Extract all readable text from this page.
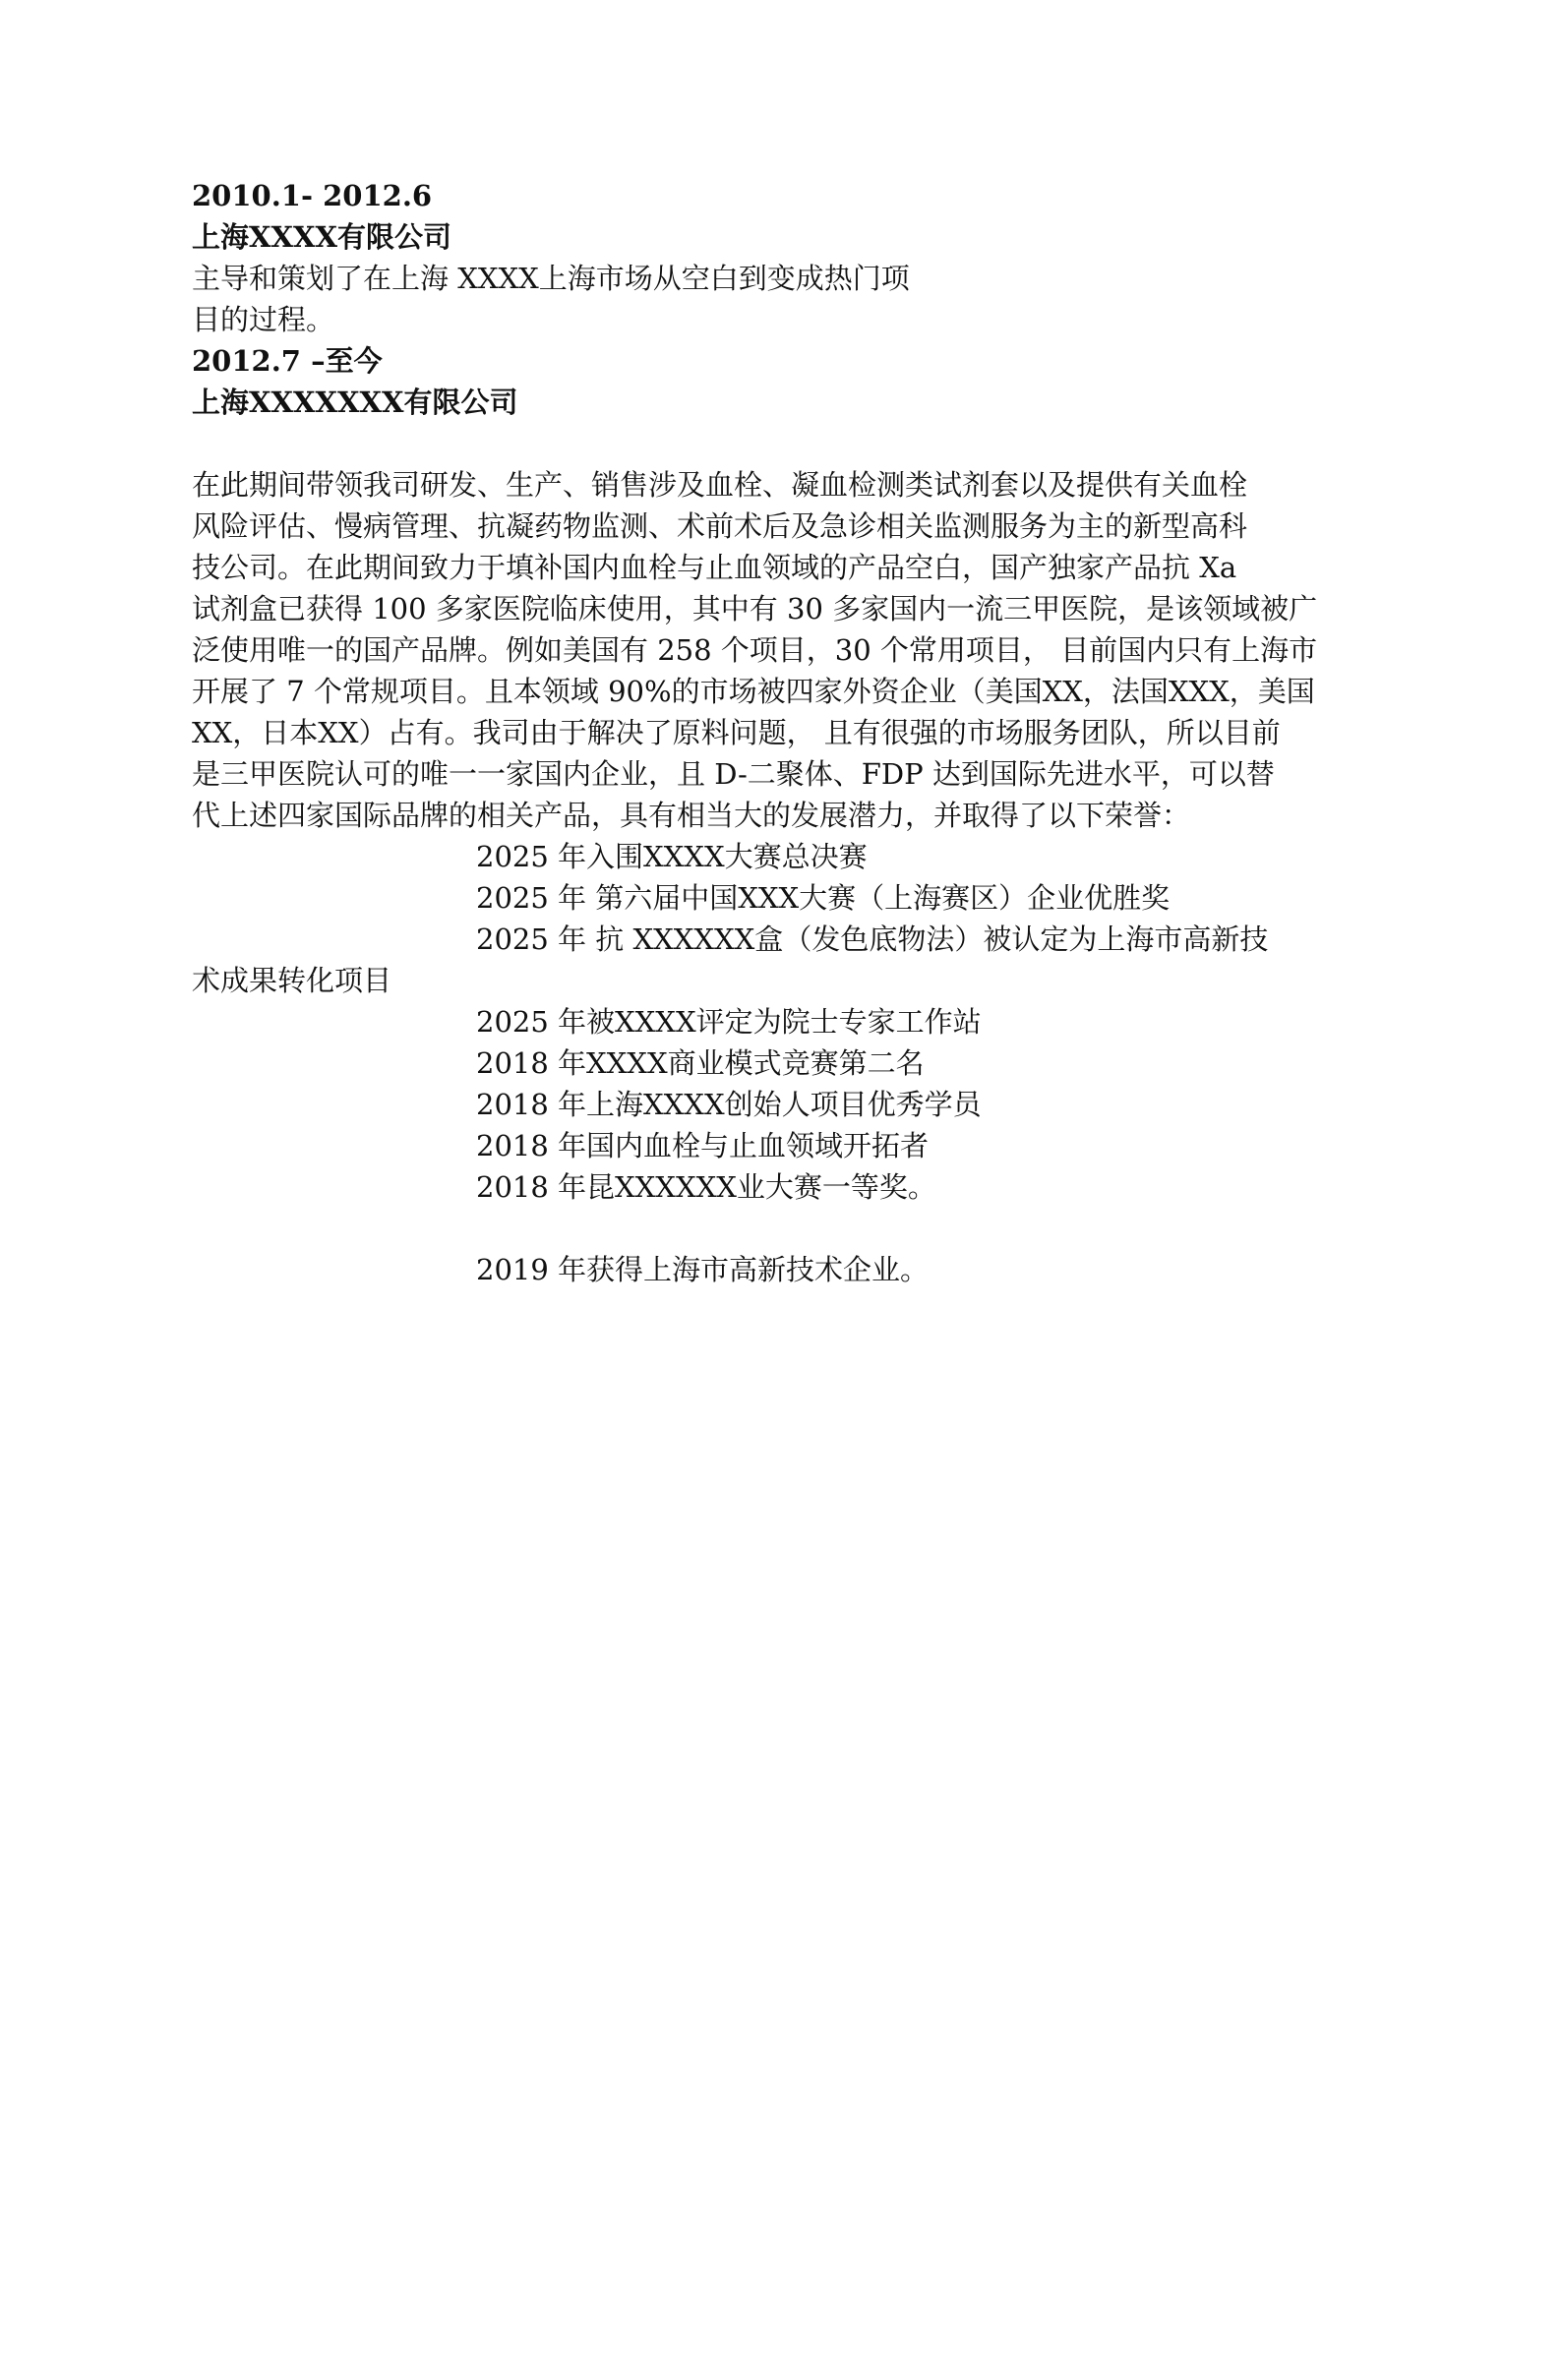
2010.1- 2012.6
上海XXXX有限公司
主导和策划了在上海 XXXX上海市场从空白到变成热门项
目的过程。
2012.7 –至今
上海XXXXXXX有限公司
在此期间带领我司研发、生产、销售涉及血栓、凝血检测类试剂套以及提供有关血栓
风险评估、慢病管理、抗凝药物监测、术前术后及急诊相关监测服务为主的新型高科
技公司。在此期间致力于填补国内血栓与止血领域的产品空白，国产独家产品抗 Xa
试剂盒已获得 100 多家医院临床使用，其中有 30 多家国内一流三甲医院，是该领域被广
泛使用唯一的国产品牌。例如美国有 258 个项目，30 个常用项目， 目前国内只有上海市
开展了 7 个常规项目。且本领域 90%的市场被四家外资企业（美国XX，法国XXX，美国
XX，日本XX）占有。我司由于解决了原料问题， 且有很强的市场服务团队，所以目前
是三甲医院认可的唯一一家国内企业，且 D-二聚体、FDP 达到国际先进水平，可以替
代上述四家国际品牌的相关产品，具有相当大的发展潜力，并取得了以下荣誉：
2025 年入围XXXX大赛总决赛
2025 年 第六届中国XXX大赛（上海赛区）企业优胜奖
2025 年 抗 XXXXXX盒（发色底物法）被认定为上海市高新技
术成果转化项目
2025 年被XXXX评定为院士专家工作站
2018 年XXXX商业模式竞赛第二名
2018 年上海XXXX创始人项目优秀学员
2018 年国内血栓与止血领域开拓者
2018 年昆XXXXXX业大赛一等奖。
2019 年获得上海市高新技术企业。
